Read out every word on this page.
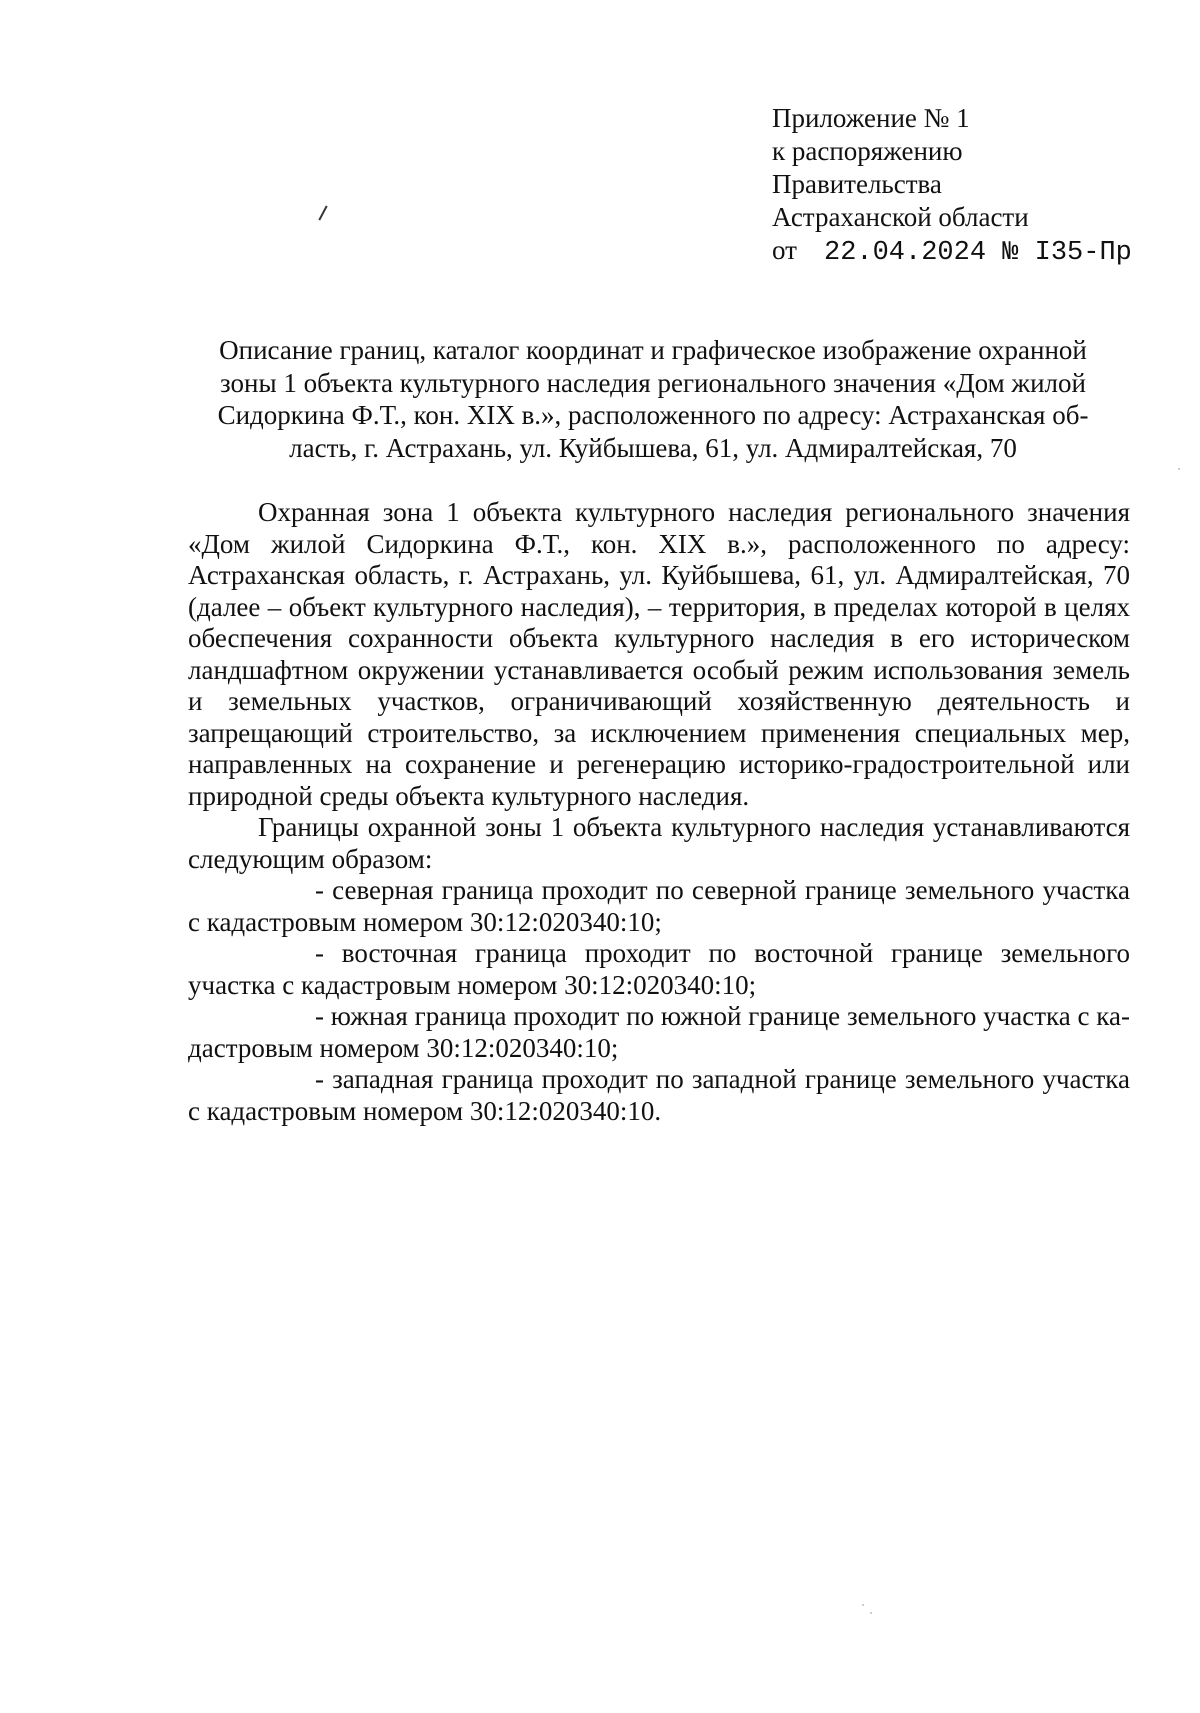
Приложение № 1
к распоряжению
Правительства
Астраханской области
от 22.04.2024 № I35-Пр
Описание границ, каталог координат и графическое изображение охранной
зоны 1 объекта культурного наследия регионального значения «Дом жилой
Сидоркина Ф.Т., кон. XIX в.», расположенного по адресу: Астраханская об-
ласть, г. Астрахань, ул. Куйбышева, 61, ул. Адмиралтейская, 70

Охранная зона 1 объекта культурного наследия регионального значения «Дом жилой Сидоркина Ф.Т., кон. XIX в.», расположенного по адресу: Астраханская область, г. Астрахань, ул. Куйбышева, 61, ул. Адмиралтейская, 70 (далее – объект культурного наследия), – территория, в пределах которой в целях обеспечения сохранности объекта культурного наследия в его историческом ландшафтном окружении устанавливается особый режим использования земель и земельных участков, ограничивающий хозяйственную деятельность и запрещающий строительство, за исключением применения специальных мер, направленных на сохранение и регенерацию историко-градостроительной или природной среды объекта культурного наследия.

Границы охранной зоны 1 объекта культурного наследия устанавливаются следующим образом:

- северная граница проходит по северной границе земельного участка с кадастровым номером 30:12:020340:10;

- восточная граница проходит по восточной границе земельного участка с кадастровым номером 30:12:020340:10;

- южная граница проходит по южной границе земельного участка с кадастровым номером 30:12:020340:10;

- западная граница проходит по западной границе земельного участка с кадастровым номером 30:12:020340:10.
